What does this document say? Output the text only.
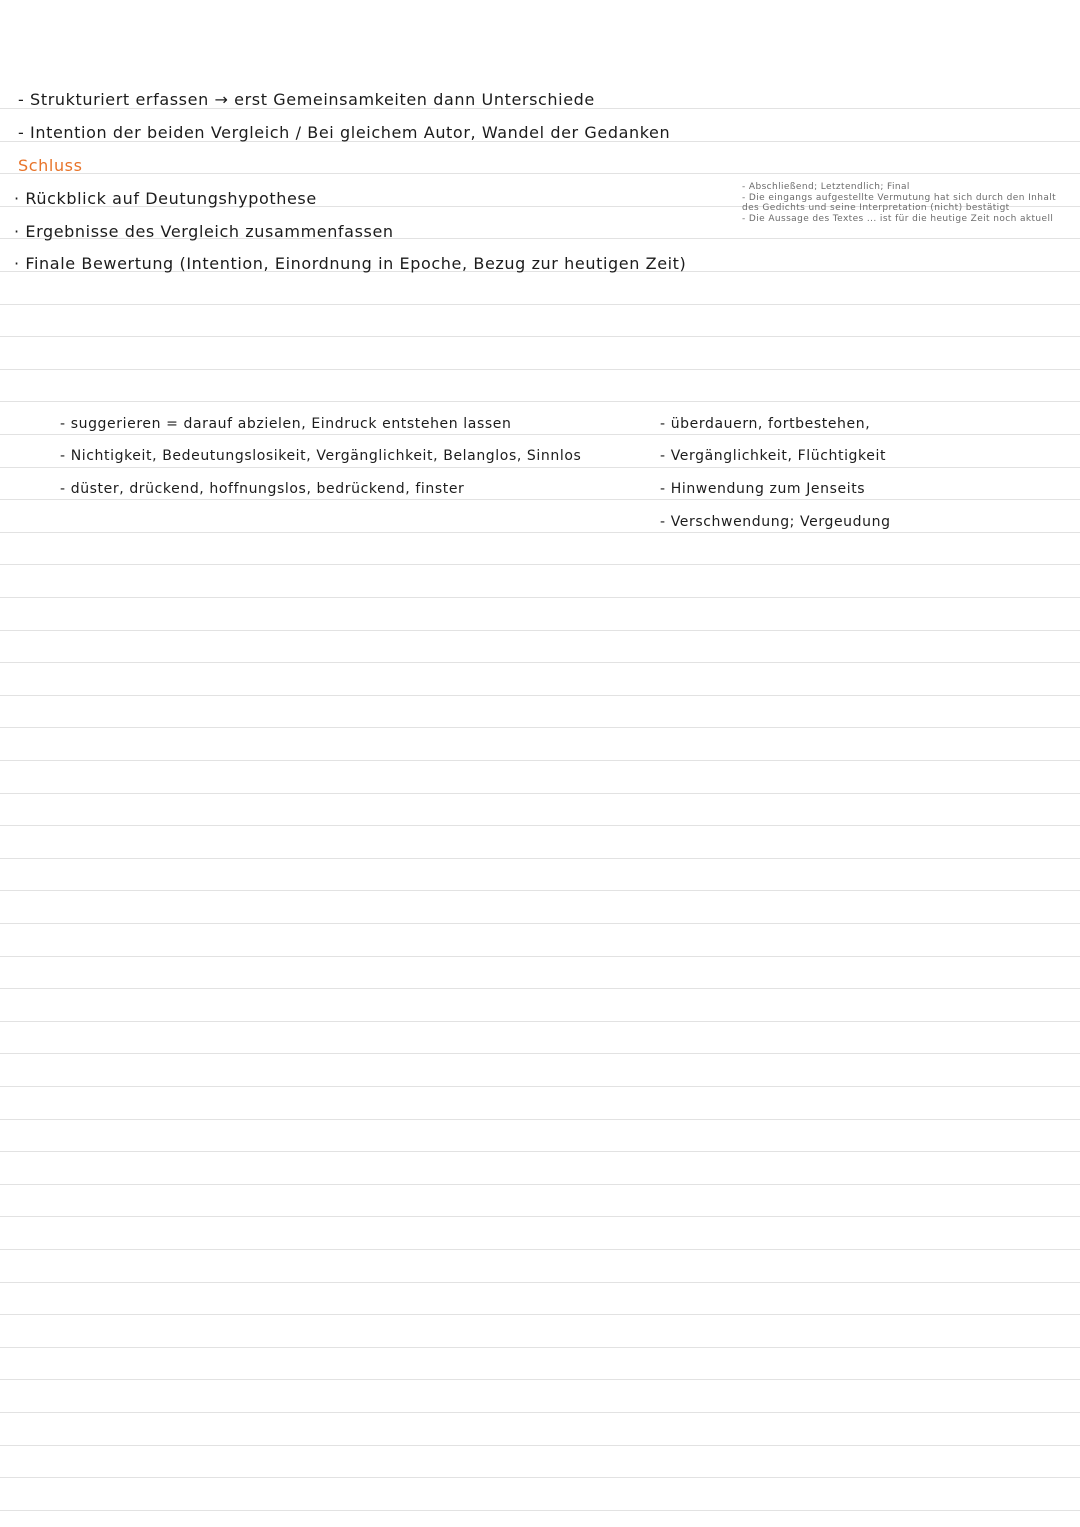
- Strukturiert erfassen → erst Gemeinsamkeiten dann Unterschiede
- Intention der beiden Vergleich / Bei gleichem Autor, Wandel der Gedanken
Schluss
· Rückblick auf Deutungshypothese
· Ergebnisse des Vergleich zusammenfassen
· Finale Bewertung (Intention, Einordnung in Epoche, Bezug zur heutigen Zeit)
- Abschließend; Letztendlich; Final
- Die eingangs aufgestellte Vermutung hat sich durch den Inhalt des Gedichts und seine Interpretation (nicht) bestätigt
- Die Aussage des Textes ... ist für die heutige Zeit noch aktuell
- suggerieren = darauf abzielen, Eindruck entstehen lassen
- Nichtigkeit, Bedeutungslosikeit, Vergänglichkeit, Belanglos, Sinnlos
- düster, drückend, hoffnungslos, bedrückend, finster
- überdauern, fortbestehen,
- Vergänglichkeit, Flüchtigkeit
- Hinwendung zum Jenseits
- Verschwendung; Vergeudung
